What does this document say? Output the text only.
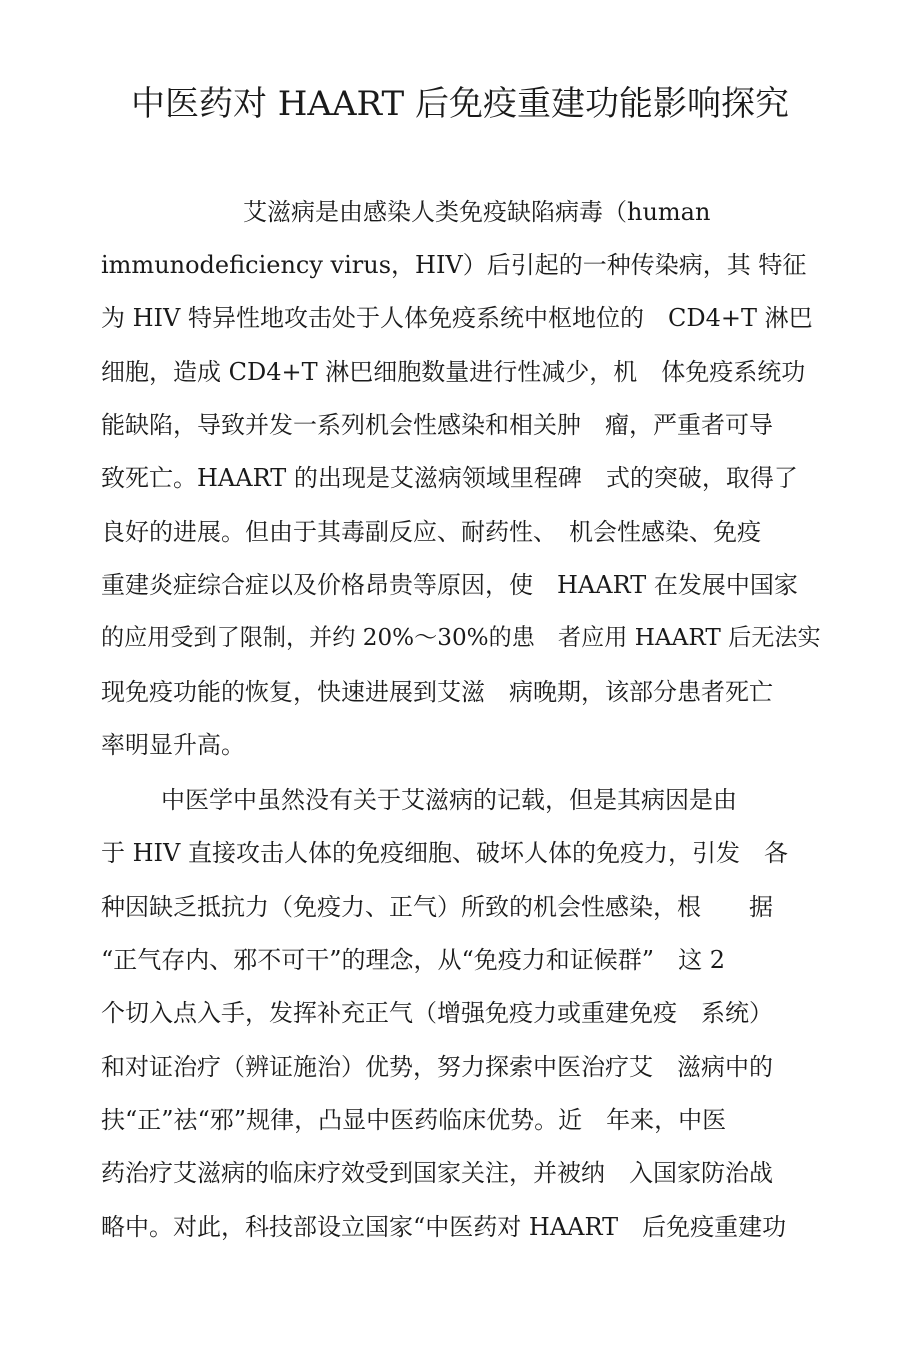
中医药对 HAART 后免疫重建功能影响探究
艾滋病是由感染人类免疫缺陷病毒（human
immunodeficiency virus，HIV）后引起的一种传染病，其 特征
为 HIV 特异性地攻击处于人体免疫系统中枢地位的　CD4+T 淋巴
细胞，造成 CD4+T 淋巴细胞数量进行性减少，机　体免疫系统功
能缺陷，导致并发一系列机会性感染和相关肿　瘤，严重者可导
致死亡。HAART 的出现是艾滋病领域里程碑　式的突破，取得了
良好的进展。但由于其毒副反应、耐药性、　机会性感染、免疫
重建炎症综合症以及价格昂贵等原因，使　HAART 在发展中国家
的应用受到了限制，并约 20%～30%的患　者应用 HAART 后无法实
现免疫功能的恢复，快速进展到艾滋　病晚期，该部分患者死亡
率明显升高。
中医学中虽然没有关于艾滋病的记载，但是其病因是由
于 HIV 直接攻击人体的免疫细胞、破坏人体的免疫力，引发　各
种因缺乏抵抗力（免疫力、正气）所致的机会性感染，根　　据
“正气存内、邪不可干”的理念，从“免疫力和证候群”　这 2
个切入点入手，发挥补充正气（增强免疫力或重建免疫　系统）
和对证治疗（辨证施治）优势，努力探索中医治疗艾　滋病中的
扶“正”祛“邪”规律，凸显中医药临床优势。近　年来，中医
药治疗艾滋病的临床疗效受到国家关注，并被纳　入国家防治战
略中。对此，科技部设立国家“中医药对 HAART　后免疫重建功
